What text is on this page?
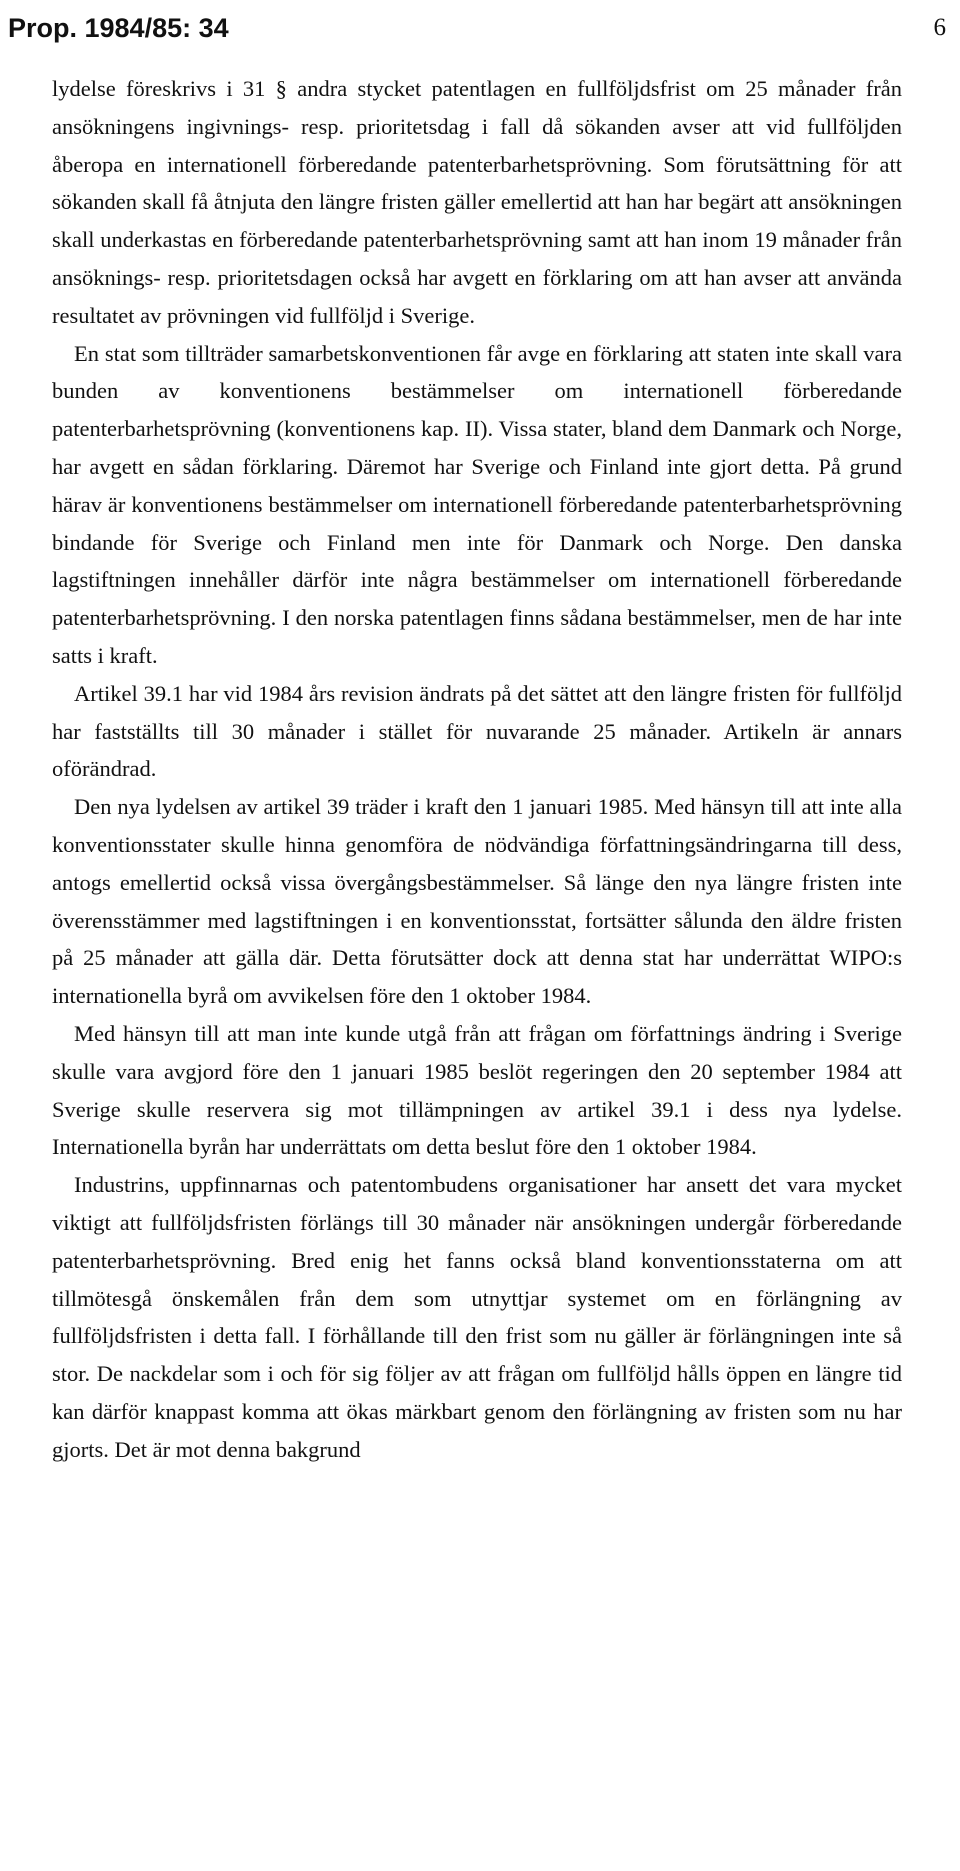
Prop. 1984/85: 34	6

lydelse föreskrivs i 31 § andra stycket patentlagen en fullföljdsfrist om 25 månader från ansökningens ingivnings- resp. prioritetsdag i fall då sökanden avser att vid fullföljden åberopa en internationell förberedande patenterbarhetsprövning. Som förutsättning för att sökanden skall få åtnjuta den längre fristen gäller emellertid att han har begärt att ansökningen skall underkastas en förberedande patenterbarhetsprövning samt att han inom 19 månader från ansöknings- resp. prioritetsdagen också har avgett en förklaring om att han avser att använda resultatet av prövningen vid fullföljd i Sverige.

En stat som tillträder samarbetskonventionen får avge en förklaring att staten inte skall vara bunden av konventionens bestämmelser om internationell förberedande patenterbarhetsprövning (konventionens kap. II). Vissa stater, bland dem Danmark och Norge, har avgett en sådan förklaring. Däremot har Sverige och Finland inte gjort detta. På grund härav är konventionens bestämmelser om internationell förberedande patenterbarhetsprövning bindande för Sverige och Finland men inte för Danmark och Norge. Den danska lagstiftningen innehåller därför inte några bestämmelser om internationell förberedande patenterbarhetsprövning. I den norska patentlagen finns sådana bestämmelser, men de har inte satts i kraft.

Artikel 39.1 har vid 1984 års revision ändrats på det sättet att den längre fristen för fullföljd har fastställts till 30 månader i stället för nuvarande 25 månader. Artikeln är annars oförändrad.

Den nya lydelsen av artikel 39 träder i kraft den 1 januari 1985. Med hänsyn till att inte alla konventionsstater skulle hinna genomföra de nödvändiga författningsändringarna till dess, antogs emellertid också vissa övergångsbestämmelser. Så länge den nya längre fristen inte överensstämmer med lagstiftningen i en konventionsstat, fortsätter sålunda den äldre fristen på 25 månader att gälla där. Detta förutsätter dock att denna stat har underrättat WIPO:s internationella byrå om avvikelsen före den 1 oktober 1984.

Med hänsyn till att man inte kunde utgå från att frågan om författnings ändring i Sverige skulle vara avgjord före den 1 januari 1985 beslöt regeringen den 20 september 1984 att Sverige skulle reservera sig mot tillämpningen av artikel 39.1 i dess nya lydelse. Internationella byrån har underrättats om detta beslut före den 1 oktober 1984.

Industrins, uppfinnarnas och patentombudens organisationer har ansett det vara mycket viktigt att fullföljdsfristen förlängs till 30 månader när ansökningen undergår förberedande patenterbarhetsprövning. Bred enig het fanns också bland konventionsstaterna om att tillmötesgå önskemålen från dem som utnyttjar systemet om en förlängning av fullföljdsfristen i detta fall. I förhållande till den frist som nu gäller är förlängningen inte så stor. De nackdelar som i och för sig följer av att frågan om fullföljd hålls öppen en längre tid kan därför knappast komma att ökas märkbart genom den förlängning av fristen som nu har gjorts. Det är mot denna bakgrund
